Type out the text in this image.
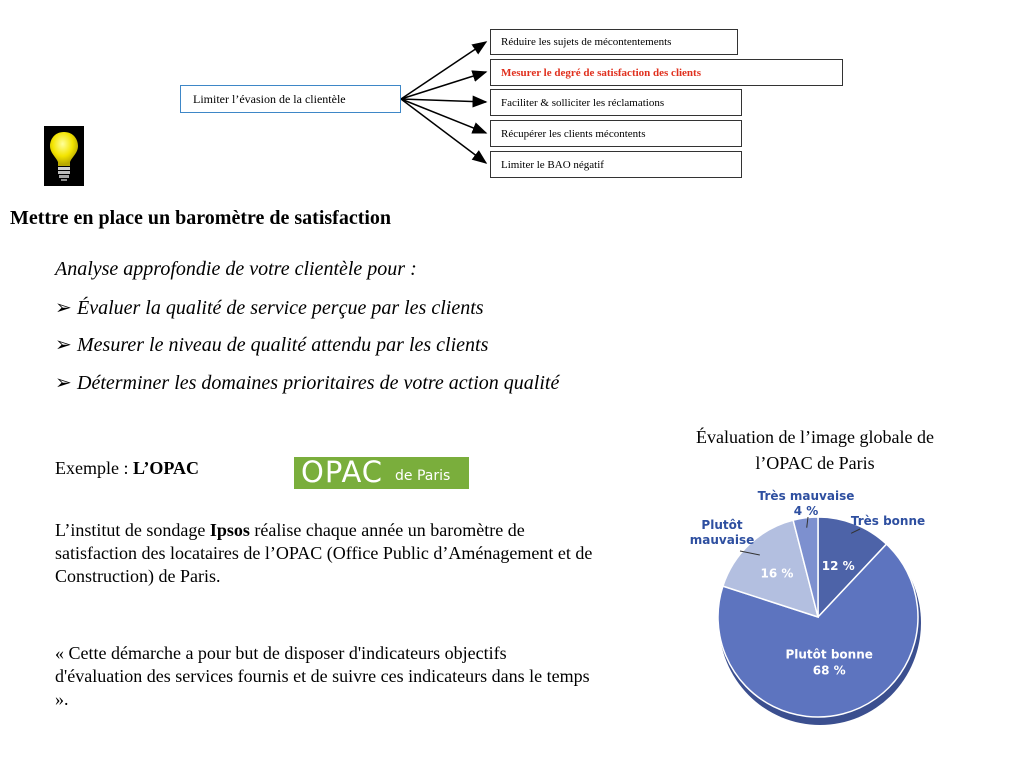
Limiter l’évasion de la clientèle
Réduire les sujets de mécontentements
Mesurer le degré de satisfaction des clients
Faciliter & solliciter les réclamations
Récupérer les clients mécontents
Limiter le BAO négatif
Mettre en place un baromètre de satisfaction
Analyse approfondie de votre clientèle pour :
➢ Évaluer la qualité de service perçue par les clients
➢ Mesurer le niveau de qualité attendu par les clients
➢ Déterminer les domaines prioritaires de votre action qualité
Exemple : L’OPAC	OPAC de Paris
L’institut de sondage Ipsos réalise chaque année un baromètre de satisfaction des locataires de l’OPAC (Office Public d’Aménagement et de Construction) de Paris.
« Cette démarche a pour but de disposer d'indicateurs objectifs d'évaluation des services fournis et de suivre ces indicateurs dans le temps ».
Évaluation de l’image globale de
l’OPAC de Paris
12 %
Plutôt bonne
68 %
16 %
Très bonne
Très mauvaise
4 %
Plutôt
mauvaise
